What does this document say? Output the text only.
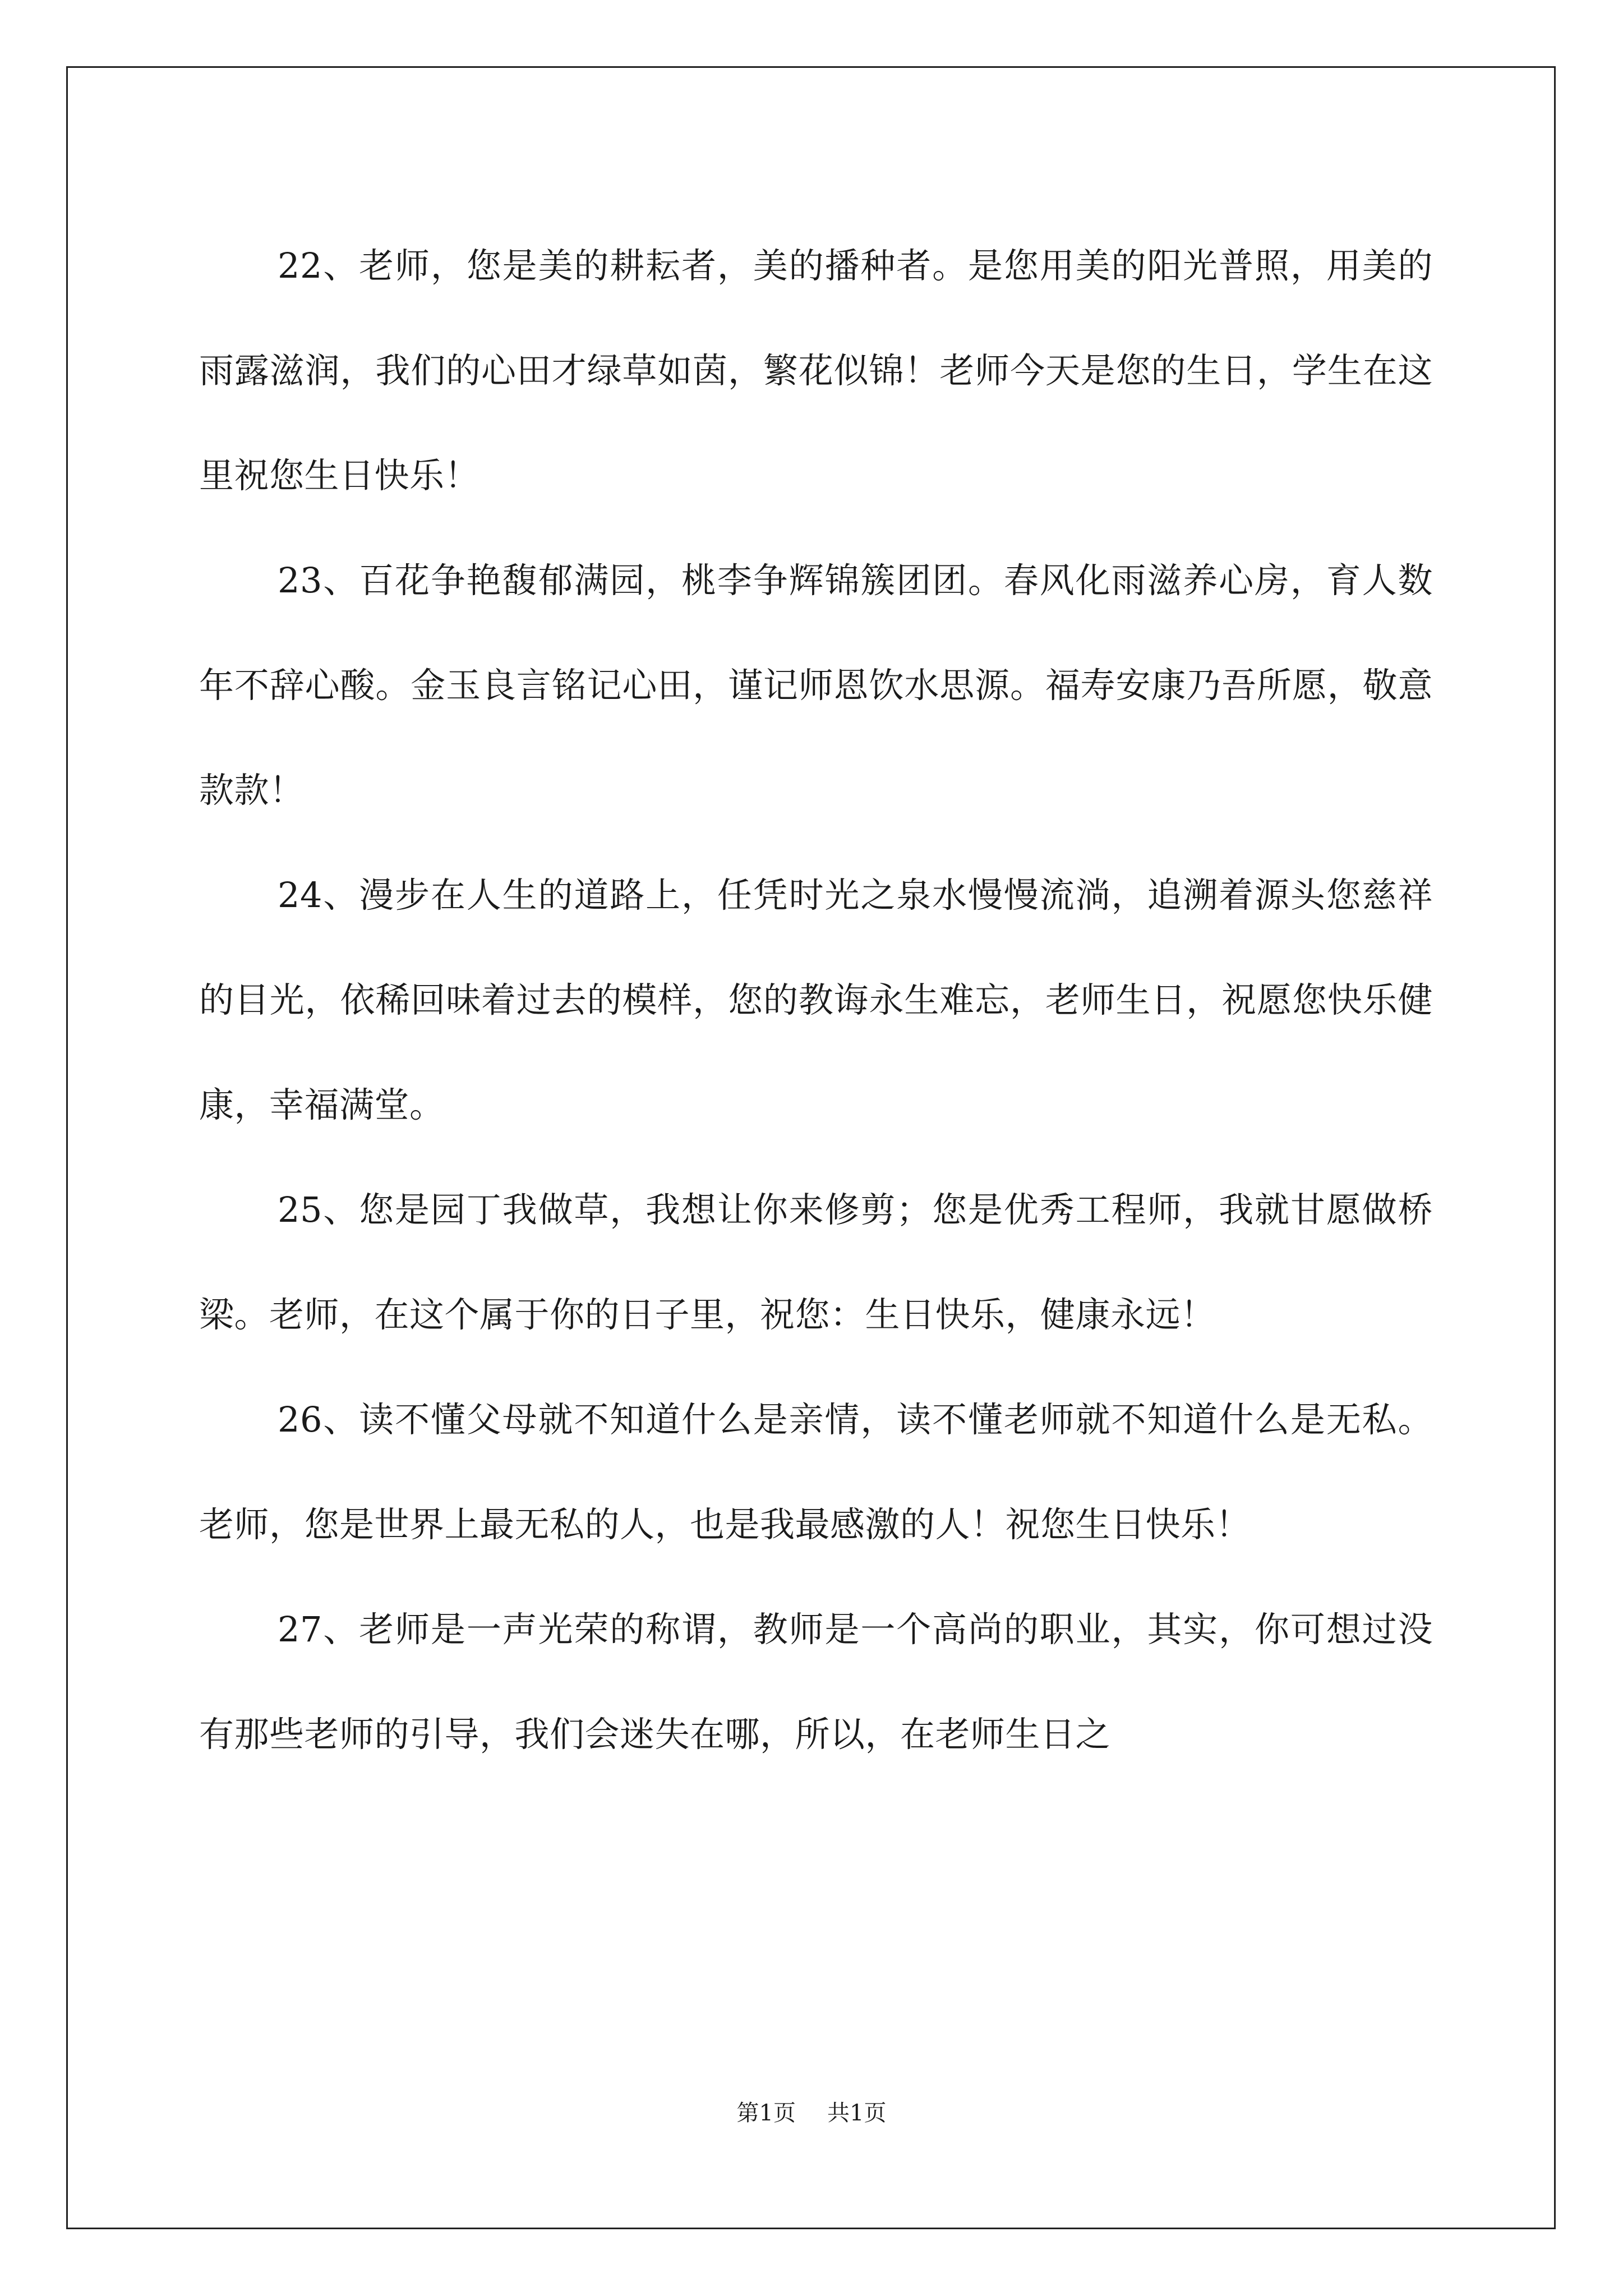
22、老师，您是美的耕耘者，美的播种者。是您用美的阳光普照，用美的雨露滋润，我们的心田才绿草如茵，繁花似锦！老师今天是您的生日，学生在这里祝您生日快乐！

23、百花争艳馥郁满园，桃李争辉锦簇团团。春风化雨滋养心房，育人数年不辞心酸。金玉良言铭记心田，谨记师恩饮水思源。福寿安康乃吾所愿，敬意款款！

24、漫步在人生的道路上，任凭时光之泉水慢慢流淌，追溯着源头您慈祥的目光，依稀回味着过去的模样，您的教诲永生难忘，老师生日，祝愿您快乐健康，幸福满堂。

25、您是园丁我做草，我想让你来修剪；您是优秀工程师，我就甘愿做桥梁。老师，在这个属于你的日子里，祝您：生日快乐，健康永远！

26、读不懂父母就不知道什么是亲情，读不懂老师就不知道什么是无私。老师，您是世界上最无私的人，也是我最感激的人！祝您生日快乐！

27、老师是一声光荣的称谓，教师是一个高尚的职业，其实，你可想过没有那些老师的引导，我们会迷失在哪，所以，在老师生日之

第1页 共1页
